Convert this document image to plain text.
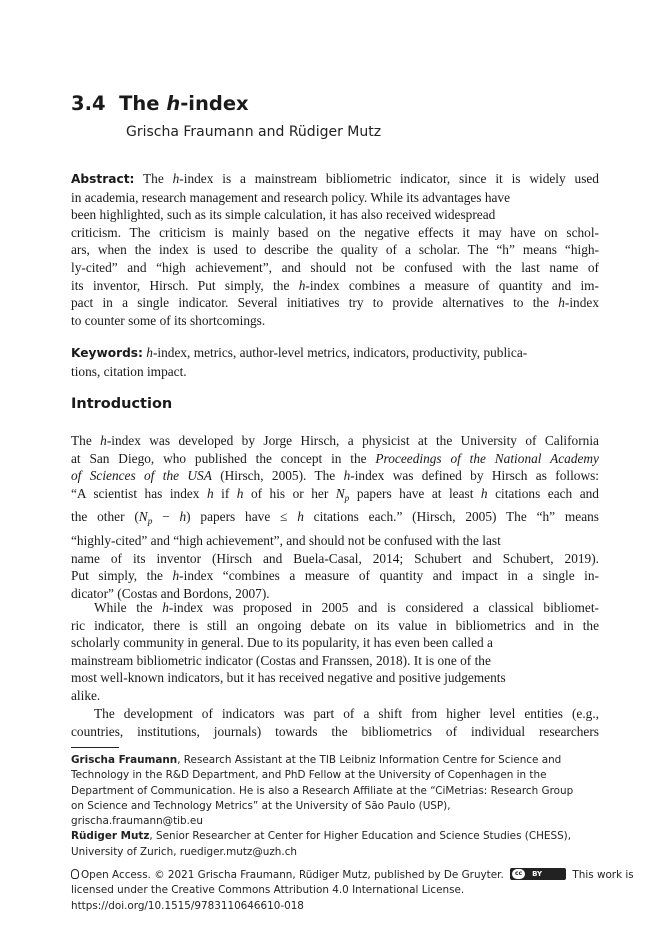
3.4 The h-index
Grischa Fraumann and Rüdiger Mutz
Abstract: The h-index is a mainstream bibliometric indicator, since it is widely used
in academia, research management and research policy. While its advantages have
been highlighted, such as its simple calculation, it has also received widespread
criticism. The criticism is mainly based on the negative effects it may have on schol-
ars, when the index is used to describe the quality of a scholar. The “h” means “high-
ly-cited” and “high achievement”, and should not be confused with the last name of
its inventor, Hirsch. Put simply, the h-index combines a measure of quantity and im-
pact in a single indicator. Several initiatives try to provide alternatives to the h-index
to counter some of its shortcomings.
Keywords: h-index, metrics, author-level metrics, indicators, productivity, publica-
tions, citation impact.
Introduction
The h-index was developed by Jorge Hirsch, a physicist at the University of California
at San Diego, who published the concept in the Proceedings of the National Academy
of Sciences of the USA (Hirsch, 2005). The h-index was defined by Hirsch as follows:
“A scientist has index h if h of his or her $N_p$ papers have at least h citations each and
the other $(N_p - h)$ papers have ≤ h citations each.” (Hirsch, 2005) The “h” means
“highly-cited” and “high achievement”, and should not be confused with the last
name of its inventor (Hirsch and Buela-Casal, 2014; Schubert and Schubert, 2019).
Put simply, the h-index “combines a measure of quantity and impact in a single in-
dicator” (Costas and Bordons, 2007).
While the h-index was proposed in 2005 and is considered a classical bibliomet-
ric indicator, there is still an ongoing debate on its value in bibliometrics and in the
scholarly community in general. Due to its popularity, it has even been called a
mainstream bibliometric indicator (Costas and Franssen, 2018). It is one of the
most well-known indicators, but it has received negative and positive judgements
alike.
The development of indicators was part of a shift from higher level entities (e.g.,
countries, institutions, journals) towards the bibliometrics of individual researchers
Grischa Fraumann, Research Assistant at the TIB Leibniz Information Centre for Science and
Technology in the R&D Department, and PhD Fellow at the University of Copenhagen in the
Department of Communication. He is also a Research Affiliate at the “CiMetrias: Research Group
on Science and Technology Metrics” at the University of São Paulo (USP),
grischa.fraumann@tib.eu
Rüdiger Mutz, Senior Researcher at Center for Higher Education and Science Studies (CHESS),
University of Zurich, ruediger.mutz@uzh.ch
Open Access. © 2021 Grischa Fraumann, Rüdiger Mutz, published by De Gruyter.	cc	BY	This work is
licensed under the Creative Commons Attribution 4.0 International License.
https://doi.org/10.1515/9783110646610-018
